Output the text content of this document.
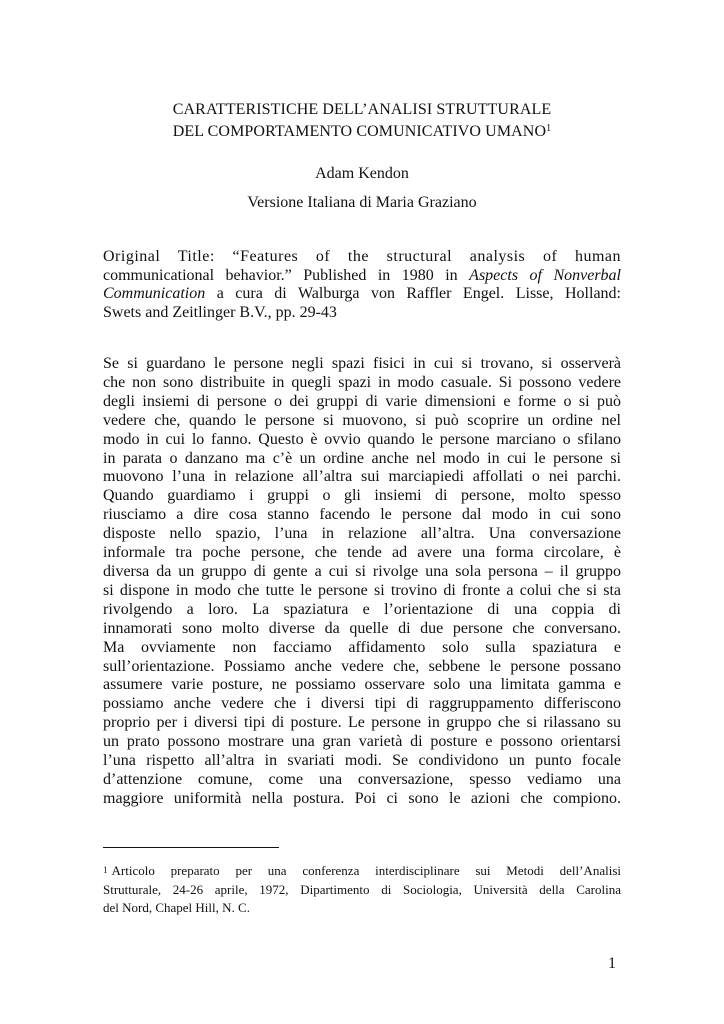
CARATTERISTICHE DELL’ANALISI STRUTTURALE
DEL COMPORTAMENTO COMUNICATIVO UMANO$^1$
Adam Kendon
Versione Italiana di Maria Graziano
Original Title: “Features of the structural analysis of human
communicational behavior.” Published in 1980 in Aspects of Nonverbal
Communication a cura di Walburga von Raffler Engel. Lisse, Holland:
Swets and Zeitlinger B.V., pp. 29-43
Se si guardano le persone negli spazi fisici in cui si trovano, si osserverà
che non sono distribuite in quegli spazi in modo casuale. Si possono vedere
degli insiemi di persone o dei gruppi di varie dimensioni e forme o si può
vedere che, quando le persone si muovono, si può scoprire un ordine nel
modo in cui lo fanno. Questo è ovvio quando le persone marciano o sfilano
in parata o danzano ma c’è un ordine anche nel modo in cui le persone si
muovono l’una in relazione all’altra sui marciapiedi affollati o nei parchi.
Quando guardiamo i gruppi o gli insiemi di persone, molto spesso
riusciamo a dire cosa stanno facendo le persone dal modo in cui sono
disposte nello spazio, l’una in relazione all’altra. Una conversazione
informale tra poche persone, che tende ad avere una forma circolare, è
diversa da un gruppo di gente a cui si rivolge una sola persona – il gruppo
si dispone in modo che tutte le persone si trovino di fronte a colui che si sta
rivolgendo a loro. La spaziatura e l’orientazione di una coppia di
innamorati sono molto diverse da quelle di due persone che conversano.
Ma ovviamente non facciamo affidamento solo sulla spaziatura e
sull’orientazione. Possiamo anche vedere che, sebbene le persone possano
assumere varie posture, ne possiamo osservare solo una limitata gamma e
possiamo anche vedere che i diversi tipi di raggruppamento differiscono
proprio per i diversi tipi di posture. Le persone in gruppo che si rilassano su
un prato possono mostrare una gran varietà di posture e possono orientarsi
l’una rispetto all’altra in svariati modi. Se condividono un punto focale
d’attenzione comune, come una conversazione, spesso vediamo una
maggiore uniformità nella postura. Poi ci sono le azioni che compiono.
$^1$ Articolo preparato per una conferenza interdisciplinare sui Metodi dell’Analisi
Strutturale, 24-26 aprile, 1972, Dipartimento di Sociologia, Università della Carolina
del Nord, Chapel Hill, N. C.
1
